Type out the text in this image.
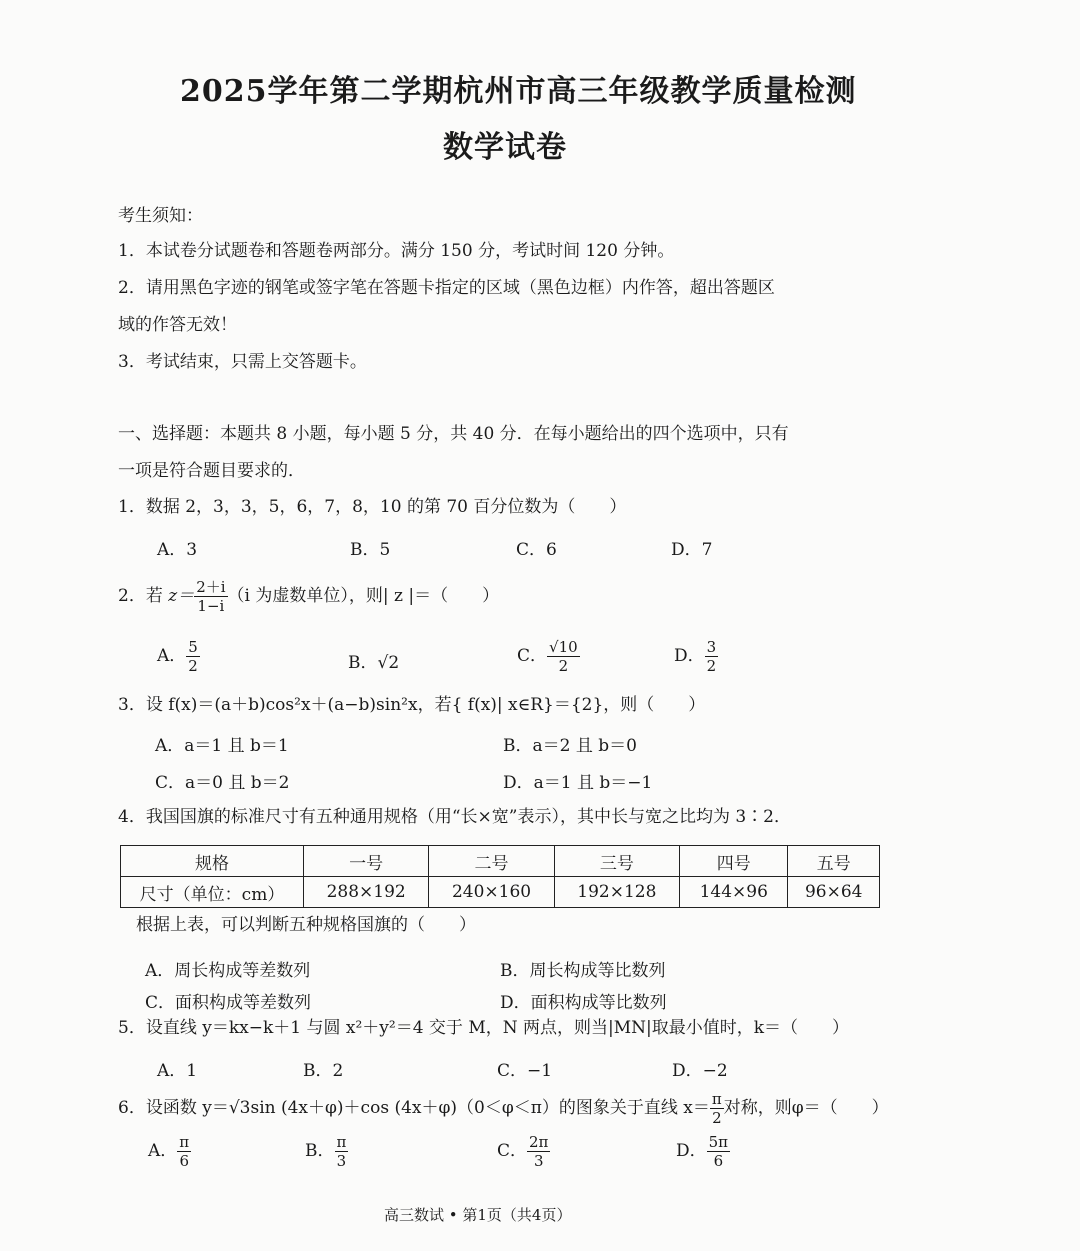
2025学年第二学期杭州市高三年级教学质量检测
数学试卷
考生须知：
1．本试卷分试题卷和答题卷两部分。满分 150 分，考试时间 120 分钟。
2．请用黑色字迹的钢笔或签字笔在答题卡指定的区域（黑色边框）内作答，超出答题区
域的作答无效！
3．考试结束，只需上交答题卡。
一、选择题：本题共 8 小题，每小题 5 分，共 40 分．在每小题给出的四个选项中，只有
一项是符合题目要求的．
1．数据 2，3，3，5，6，7，8，10 的第 70 百分位数为（　　）
A．3	B．5	C．6	D．7
2．若 $z= \frac{2+i}{1-i} (i$ 为虚数单位），则| z |＝（　　）
A． $\frac{5}{2}$	B．√2	C． $\frac{√10}{2}$	D． $\frac{3}{2}$
3．设 f(x)＝(a＋b)cos²x＋(a−b)sin²x，若{ f(x)| x∈R}＝{2}，则（　　）
A．a＝1 且 b＝1	B．a＝2 且 b＝0
C．a＝0 且 b＝2	D．a＝1 且 b＝−1
4．我国国旗的标准尺寸有五种通用规格（用“长×宽”表示），其中长与宽之比均为 3∶2．
规格	一号	二号	三号	四号	五号
尺寸（单位：cm）	288×192	240×160	192×128	144×96	96×64
根据上表，可以判断五种规格国旗的（　　）
A．周长构成等差数列	B．周长构成等比数列
C．面积构成等差数列	D．面积构成等比数列
5．设直线 y＝kx−k＋1 与圆 x²＋y²＝4 交于 M，N 两点，则当|MN|取最小值时，k＝（　　）
A．1	B．2	C．−1	D．−2
6．设函数 y＝√3sin (4x＋φ)＋cos (4x＋φ)（0＜φ＜π）的图象关于直线 $x= \frac{\pi}{2}$ 对称，则φ＝（　　）
A． $\frac{\pi}{6}$	B． $\frac{\pi}{3}$	C． $\frac{2\pi}{3}$	D． $\frac{5\pi}{6}$
高三数试 • 第1页（共4页）
